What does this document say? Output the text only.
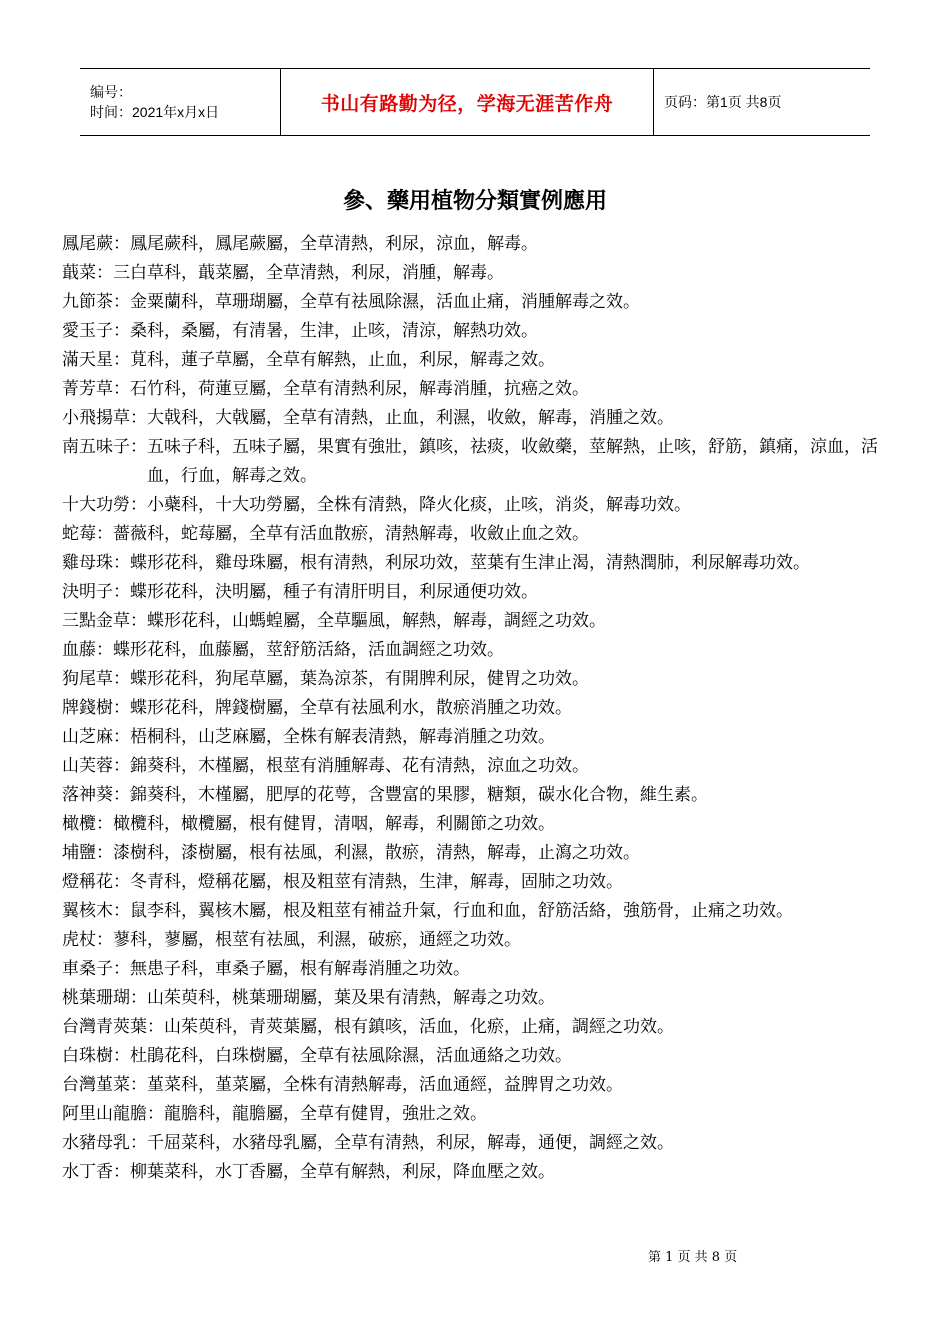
编号：
时间：2021年x月x日	书山有路勤为径，学海无涯苦作舟	页码：第1页 共8页
參、藥用植物分類實例應用
鳳尾蕨： 鳳尾蕨科，鳳尾蕨屬，全草清熱，利尿，涼血，解毒。
蕺菜： 三白草科，蕺菜屬，全草清熱，利尿，消腫，解毒。
九節茶： 金粟蘭科，草珊瑚屬，全草有祛風除濕，活血止痛，消腫解毒之效。
愛玉子： 桑科，桑屬，有清暑，生津，止咳，清涼，解熱功效。
滿天星： 莧科，蓮子草屬，全草有解熱，止血，利尿，解毒之效。
菁芳草： 石竹科，荷蓮豆屬，全草有清熱利尿，解毒消腫，抗癌之效。
小飛揚草： 大戟科，大戟屬，全草有清熱，止血，利濕，收斂，解毒，消腫之效。
南五味子： 五味子科，五味子屬，果實有強壯，鎮咳，祛痰，收斂藥，莖解熱，止咳，舒筋，鎮痛，涼血，活血，行血，解毒之效。
十大功勞： 小蘗科，十大功勞屬，全株有清熱，降火化痰，止咳，消炎，解毒功效。
蛇莓： 薔薇科，蛇莓屬，全草有活血散瘀，清熱解毒，收斂止血之效。
雞母珠： 蝶形花科，雞母珠屬，根有清熱，利尿功效，莖葉有生津止渴，清熱潤肺，利尿解毒功效。
決明子： 蝶形花科，決明屬，種子有清肝明目，利尿通便功效。
三點金草： 蝶形花科，山螞蝗屬，全草驅風，解熱，解毒，調經之功效。
血藤： 蝶形花科，血藤屬，莖舒筋活絡，活血調經之功效。
狗尾草： 蝶形花科，狗尾草屬，葉為涼茶，有開脾利尿，健胃之功效。
牌錢樹： 蝶形花科，牌錢樹屬，全草有祛風利水，散瘀消腫之功效。
山芝麻： 梧桐科，山芝麻屬，全株有解表清熱，解毒消腫之功效。
山芙蓉： 錦葵科，木槿屬，根莖有消腫解毒、花有清熱，涼血之功效。
落神葵： 錦葵科，木槿屬，肥厚的花萼，含豐富的果膠，糖類，碳水化合物，維生素。
橄欖： 橄欖科，橄欖屬，根有健胃，清咽，解毒，利關節之功效。
埔鹽： 漆樹科，漆樹屬，根有祛風，利濕，散瘀，清熱，解毒，止瀉之功效。
燈稱花： 冬青科，燈稱花屬，根及粗莖有清熱，生津，解毒，固肺之功效。
翼核木： 鼠李科，翼核木屬，根及粗莖有補益升氣，行血和血，舒筋活絡，強筋骨，止痛之功效。
虎杖： 蓼科，蓼屬，根莖有祛風，利濕，破瘀，通經之功效。
車桑子： 無患子科，車桑子屬，根有解毒消腫之功效。
桃葉珊瑚： 山茱萸科，桃葉珊瑚屬，葉及果有清熱，解毒之功效。
台灣青莢葉： 山茱萸科，青莢葉屬，根有鎮咳，活血，化瘀，止痛，調經之功效。
白珠樹： 杜鵑花科，白珠樹屬，全草有祛風除濕，活血通絡之功效。
台灣堇菜： 堇菜科，堇菜屬，全株有清熱解毒，活血通經，益脾胃之功效。
阿里山龍膽： 龍膽科，龍膽屬，全草有健胃，強壯之效。
水豬母乳： 千屈菜科，水豬母乳屬，全草有清熱，利尿，解毒，通便，調經之效。
水丁香： 柳葉菜科，水丁香屬，全草有解熱，利尿，降血壓之效。
第 1 页 共 8 页
